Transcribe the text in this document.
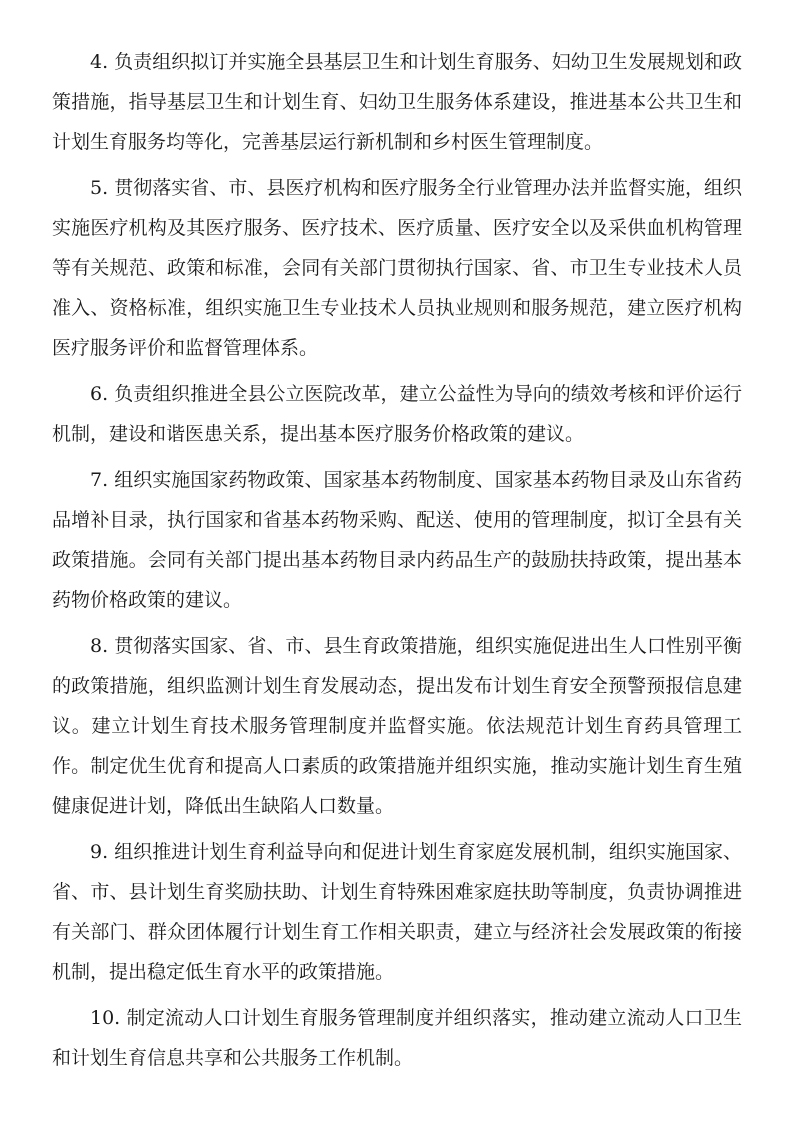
4. 负责组织拟订并实施全县基层卫生和计划生育服务、妇幼卫生发展规划和政策措施，指导基层卫生和计划生育、妇幼卫生服务体系建设，推进基本公共卫生和计划生育服务均等化，完善基层运行新机制和乡村医生管理制度。

5. 贯彻落实省、市、县医疗机构和医疗服务全行业管理办法并监督实施，组织实施医疗机构及其医疗服务、医疗技术、医疗质量、医疗安全以及采供血机构管理等有关规范、政策和标准，会同有关部门贯彻执行国家、省、市卫生专业技术人员准入、资格标准，组织实施卫生专业技术人员执业规则和服务规范，建立医疗机构医疗服务评价和监督管理体系。

6. 负责组织推进全县公立医院改革，建立公益性为导向的绩效考核和评价运行机制，建设和谐医患关系，提出基本医疗服务价格政策的建议。

7. 组织实施国家药物政策、国家基本药物制度、国家基本药物目录及山东省药品增补目录，执行国家和省基本药物采购、配送、使用的管理制度，拟订全县有关政策措施。会同有关部门提出基本药物目录内药品生产的鼓励扶持政策，提出基本药物价格政策的建议。

8. 贯彻落实国家、省、市、县生育政策措施，组织实施促进出生人口性别平衡的政策措施，组织监测计划生育发展动态，提出发布计划生育安全预警预报信息建议。建立计划生育技术服务管理制度并监督实施。依法规范计划生育药具管理工作。制定优生优育和提高人口素质的政策措施并组织实施，推动实施计划生育生殖健康促进计划，降低出生缺陷人口数量。

9. 组织推进计划生育利益导向和促进计划生育家庭发展机制，组织实施国家、省、市、县计划生育奖励扶助、计划生育特殊困难家庭扶助等制度，负责协调推进有关部门、群众团体履行计划生育工作相关职责，建立与经济社会发展政策的衔接机制，提出稳定低生育水平的政策措施。

10. 制定流动人口计划生育服务管理制度并组织落实，推动建立流动人口卫生和计划生育信息共享和公共服务工作机制。
